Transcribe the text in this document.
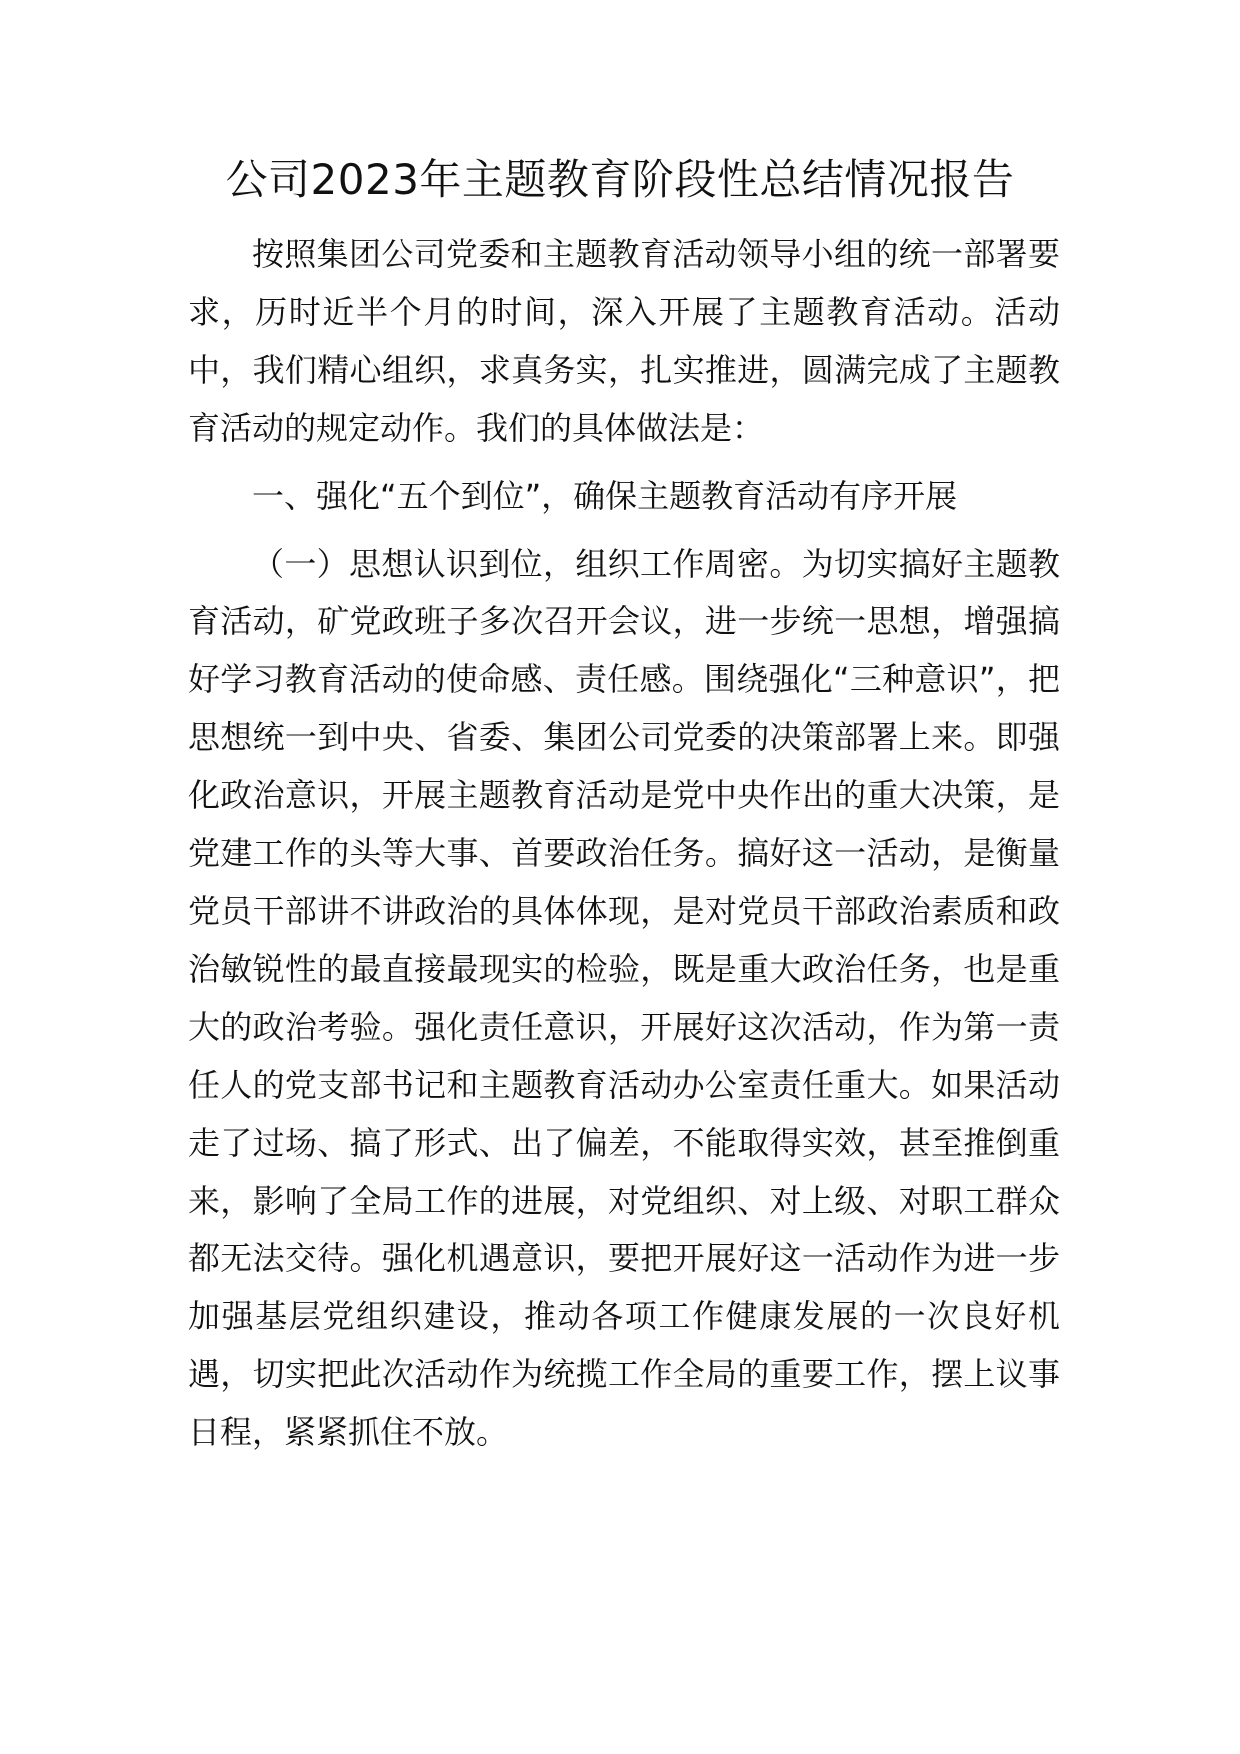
公司2023年主题教育阶段性总结情况报告

按照集团公司党委和主题教育活动领导小组的统一部署要求，历时近半个月的时间，深入开展了主题教育活动。活动中，我们精心组织，求真务实，扎实推进，圆满完成了主题教育活动的规定动作。我们的具体做法是：

一、强化“五个到位”，确保主题教育活动有序开展

（一）思想认识到位，组织工作周密。为切实搞好主题教育活动，矿党政班子多次召开会议，进一步统一思想，增强搞好学习教育活动的使命感、责任感。围绕强化“三种意识”，把思想统一到中央、省委、集团公司党委的决策部署上来。即强化政治意识，开展主题教育活动是党中央作出的重大决策，是党建工作的头等大事、首要政治任务。搞好这一活动，是衡量党员干部讲不讲政治的具体体现，是对党员干部政治素质和政治敏锐性的最直接最现实的检验，既是重大政治任务，也是重大的政治考验。强化责任意识，开展好这次活动，作为第一责任人的党支部书记和主题教育活动办公室责任重大。如果活动走了过场、搞了形式、出了偏差，不能取得实效，甚至推倒重来，影响了全局工作的进展，对党组织、对上级、对职工群众都无法交待。强化机遇意识，要把开展好这一活动作为进一步加强基层党组织建设，推动各项工作健康发展的一次良好机遇，切实把此次活动作为统揽工作全局的重要工作，摆上议事日程，紧紧抓住不放。
